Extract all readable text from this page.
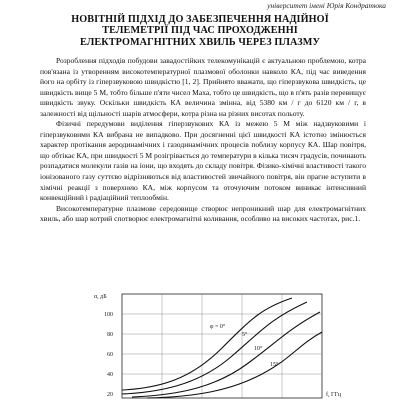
університет імені Юрія Кондратюка
НОВІТНІЙ ПІДХІД ДО ЗАБЕЗПЕЧЕННЯ НАДІЙНОЇ
ТЕЛЕМЕТРІЇ ПІД ЧАС ПРОХОДЖЕННІ
ЕЛЕКТРОМАГНІТНИХ ХВИЛЬ ЧЕРЕЗ ПЛАЗМУ

Розроблення підходів побудови завадостійких телекомунікацій є актуальною проблемою, котра пов'язана із утворенням високотемпературної плазмової оболонки навколо КА, під час виведення його на орбіту із гіперзвуковою швидкістю [1, 2]. Прийнято вважати, що гіперзвукова швидкість, це швидкість вище 5 М, тобто більше п'яти чисел Маха, тобто це швидкість, що в п'ять разів перевищує швидкість звуку. Оскільки швидкість КА величина змінна, від 5380 км / г до 6120 км / г, в залежності від щільності шарів атмосфери, котра різна на різних висотах польоту.

Фізичні передумови виділення гіперзвукових КА із межею 5 М між надзвуковими і гіперзвуковими КА вибрана не випадково. При досягненні цієї швидкості КА істотно змінюється характер протікання аеродинамічних і газодинамічних процесів поблизу корпусу КА. Шар повітря, що обтікає КА, при швидкості 5 М розігрівається до температури в кілька тисяч градусів, починають розпадатися молекули газів на іони, що входять до складу повітря. Фізико-хімічні властивості такого іонізованого газу суттєво відрізняються від властивостей звичайного повітря, він прагне вступити в хімічні реакції з поверхнею КА, між корпусом та оточуючим потоком виникає інтенсивний конвекційний і радіаційний теплообмін.

Високотемпературне плазмове середовище створює непроникний шар для електромагнітних хвиль, або шар котрий спотворює електромагнітні коливання, особливо на високих частотах, рис.1.

α, дБ
f, ГГц
100
80
60
40
20
φ = 0°
5°
10°
15°
